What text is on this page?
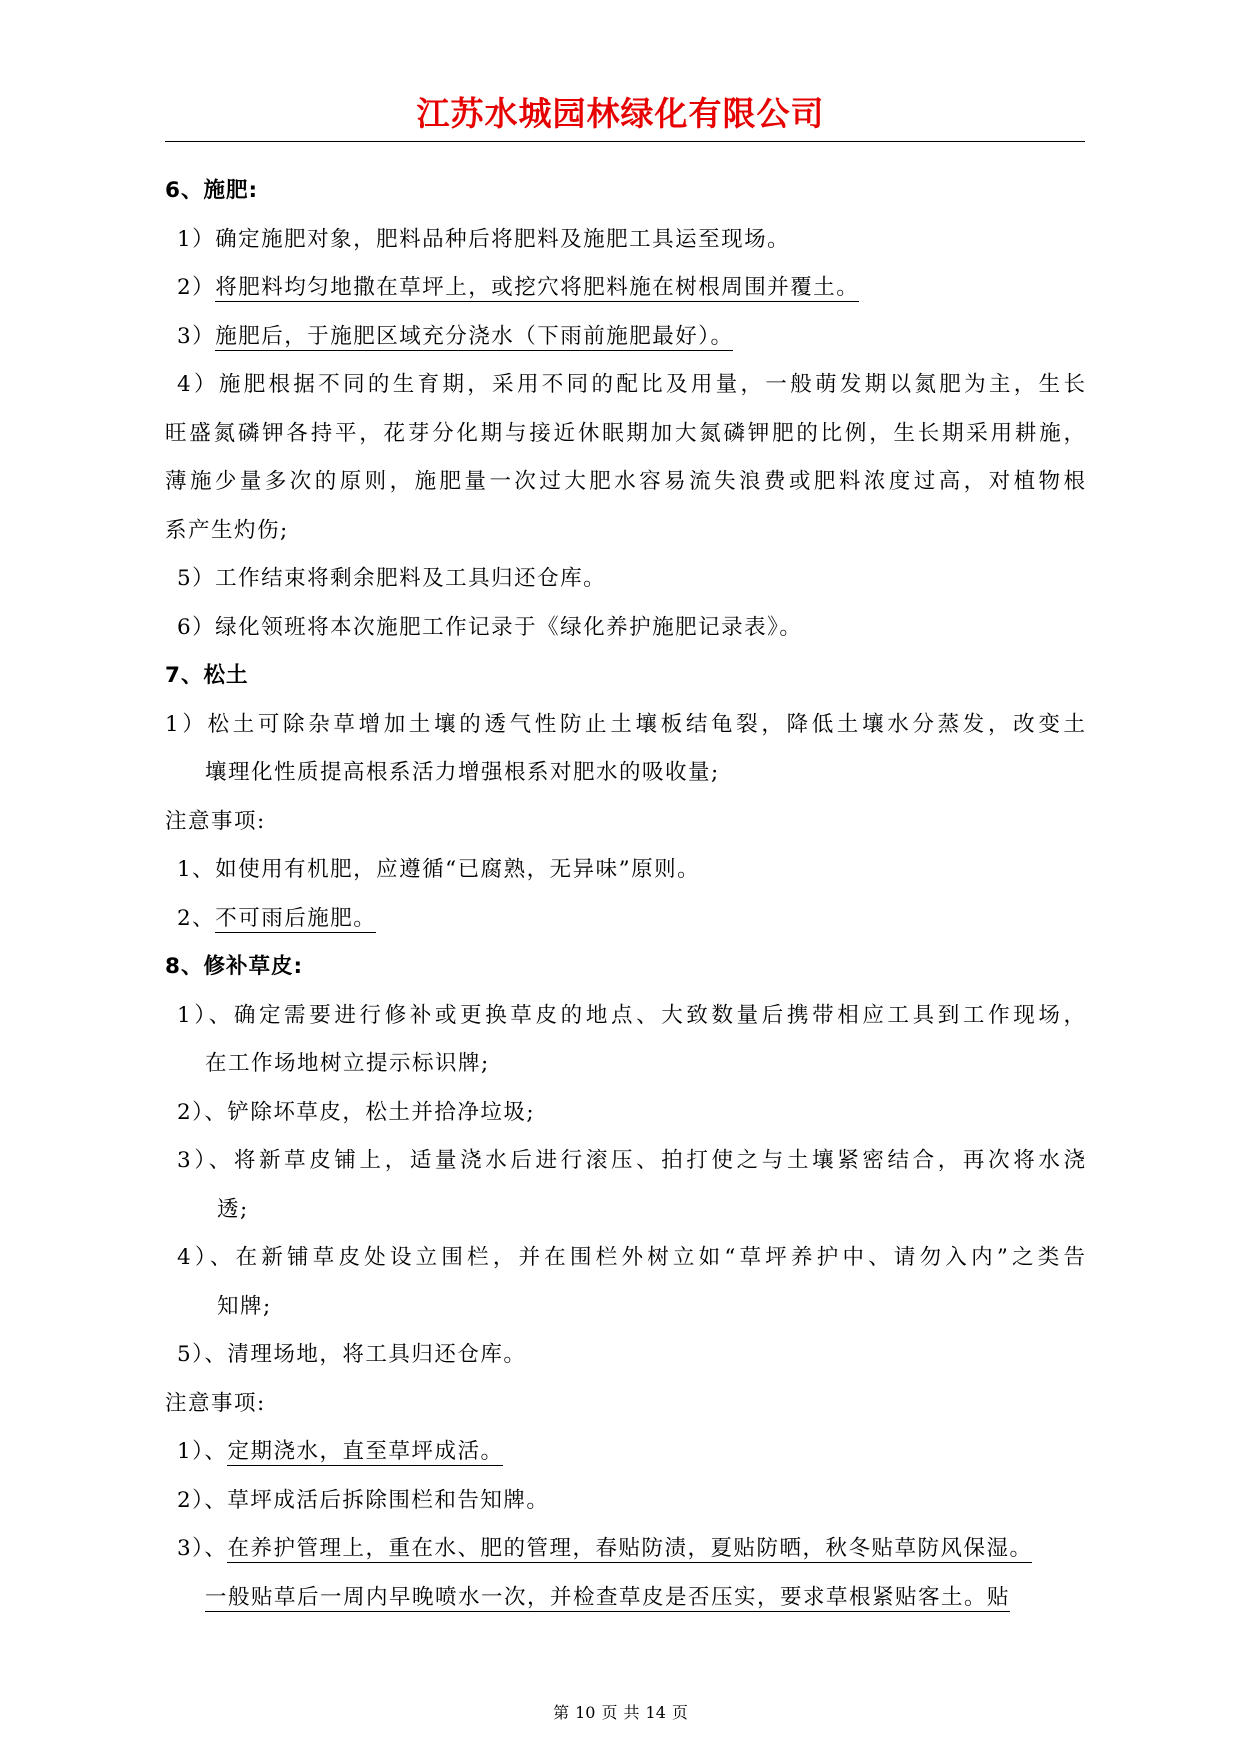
江苏水城园林绿化有限公司
6、施肥:
1）确定施肥对象，肥料品种后将肥料及施肥工具运至现场。
2）将肥料均匀地撒在草坪上，或挖穴将肥料施在树根周围并覆土。
3）施肥后，于施肥区域充分浇水（下雨前施肥最好）。
4）施肥根据不同的生育期，采用不同的配比及用量，一般萌发期以氮肥为主，生长
旺盛氮磷钾各持平，花芽分化期与接近休眠期加大氮磷钾肥的比例，生长期采用耕施，
薄施少量多次的原则，施肥量一次过大肥水容易流失浪费或肥料浓度过高，对植物根
系产生灼伤;
5）工作结束将剩余肥料及工具归还仓库。
6）绿化领班将本次施肥工作记录于《绿化养护施肥记录表》。
7、松土
1）松土可除杂草增加土壤的透气性防止土壤板结龟裂，降低土壤水分蒸发，改变土
壤理化性质提高根系活力增强根系对肥水的吸收量;
注意事项:
1、如使用有机肥，应遵循“已腐熟，无异味”原则。
2、不可雨后施肥。
8、修补草皮:
1）、确定需要进行修补或更换草皮的地点、大致数量后携带相应工具到工作现场，
在工作场地树立提示标识牌;
2）、铲除坏草皮，松土并拾净垃圾;
3）、将新草皮铺上，适量浇水后进行滚压、拍打使之与土壤紧密结合，再次将水浇
透;
4）、在新铺草皮处设立围栏，并在围栏外树立如“草坪养护中、请勿入内”之类告
知牌;
5）、清理场地，将工具归还仓库。
注意事项:
1）、定期浇水，直至草坪成活。
2）、草坪成活后拆除围栏和告知牌。
3）、在养护管理上，重在水、肥的管理，春贴防渍，夏贴防晒，秋冬贴草防风保湿。
一般贴草后一周内早晚喷水一次，并检查草皮是否压实，要求草根紧贴客土。贴
第 10 页 共 14 页
